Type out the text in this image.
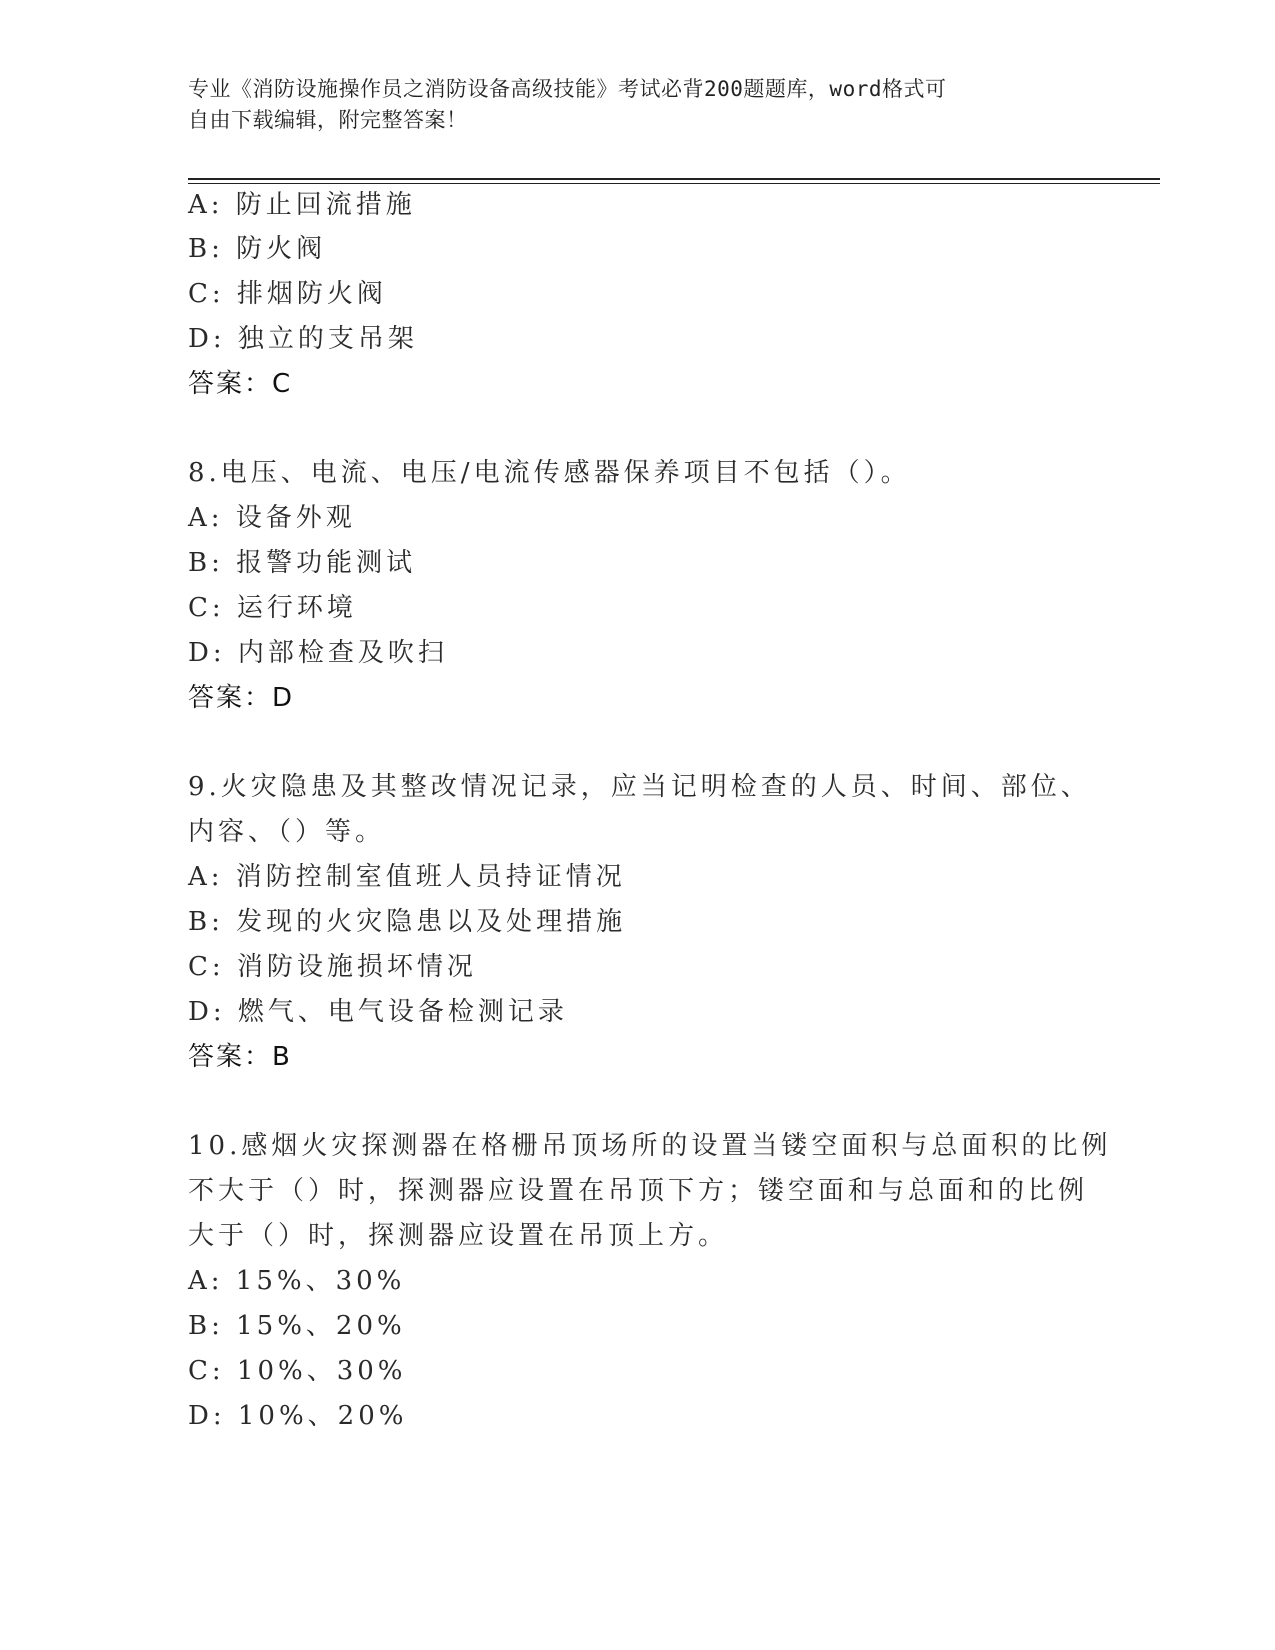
专业《消防设施操作员之消防设备高级技能》考试必背200题题库，word格式可
自由下载编辑，附完整答案！
A: 防止回流措施
B: 防火阀
C: 排烟防火阀
D: 独立的支吊架
答案：C
8.电压、电流、电压/电流传感器保养项目不包括（）。
A: 设备外观
B: 报警功能测试
C: 运行环境
D: 内部检查及吹扫
答案：D
9.火灾隐患及其整改情况记录，应当记明检查的人员、时间、部位、
内容、（）等。
A: 消防控制室值班人员持证情况
B: 发现的火灾隐患以及处理措施
C: 消防设施损坏情况
D: 燃气、电气设备检测记录
答案：B
10.感烟火灾探测器在格栅吊顶场所的设置当镂空面积与总面积的比例
不大于（）时，探测器应设置在吊顶下方；镂空面和与总面和的比例
大于（）时，探测器应设置在吊顶上方。
A: 15%、30%
B: 15%、20%
C: 10%、30%
D: 10%、20%
